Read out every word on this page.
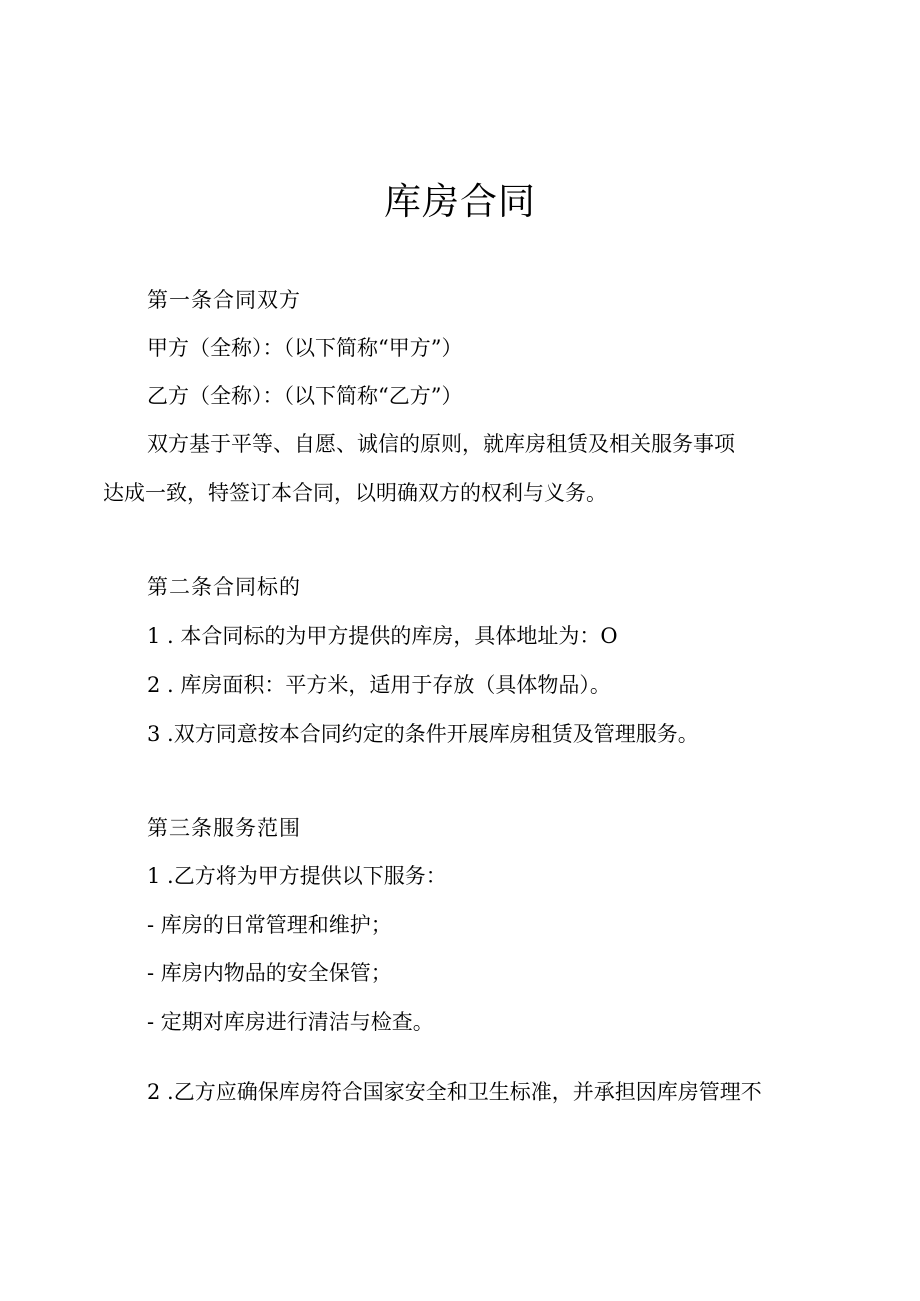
库房合同

第一条合同双方

甲方（全称）：（以下简称“甲方”）

乙方（全称）：（以下简称“乙方”）

双方基于平等、自愿、诚信的原则，就库房租赁及相关服务事项

达成一致，特签订本合同，以明确双方的权利与义务。

第二条合同标的

1 . 本合同标的为甲方提供的库房，具体地址为：O

2 . 库房面积：平方米，适用于存放（具体物品）。

3 .双方同意按本合同约定的条件开展库房租赁及管理服务。

第三条服务范围

1 .乙方将为甲方提供以下服务：

- 库房的日常管理和维护；

- 库房内物品的安全保管；

- 定期对库房进行清洁与检查。

2 .乙方应确保库房符合国家安全和卫生标准，并承担因库房管理不
